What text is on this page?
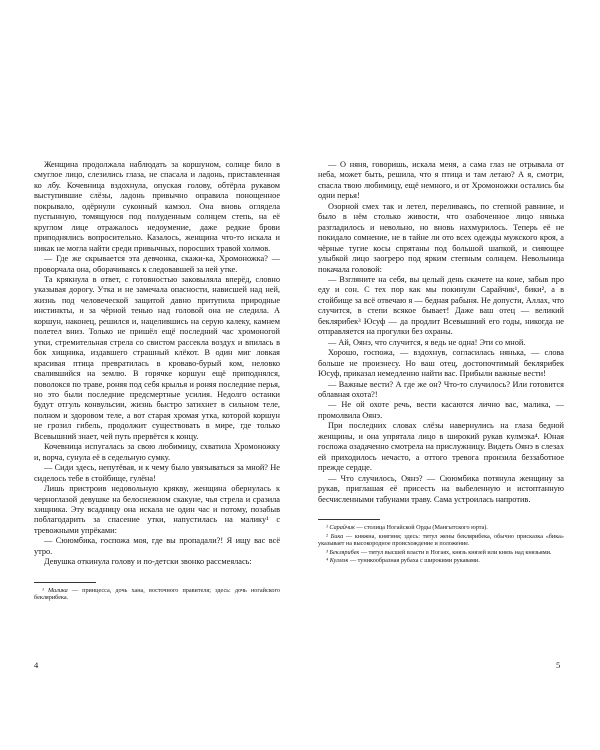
Женщина продолжала наблюдать за коршуном, солнце било в смуглое лицо, слезились глаза, не спасала и ладонь, приставленная ко лбу. Кочевница вздохнула, опуская голову, обтёрла рукавом выступившие слёзы, ладонь привычно оправила понощенное покрывало, одёрнули суконный камзол. Она вновь оглядела пустынную, томящуюся под полуденным солнцем степь, на её круглом лице отражалось недоумение, даже редкие брови приподнялись вопросительно. Казалось, женщина что-то искала и никак не могла найти среди привычных, поросших травой холмов.

— Где же скрывается эта девчонка, скажи-ка, Хромоножка? — проворчала она, оборачиваясь к следовавшей за ней утке.

Та крякнула в ответ, с готовностью заковыляла вперёд, словно указывая дорогу. Утка и не замечала опасности, нависшей над ней, жизнь под человеческой защитой давно притупила природные инстинкты, и за чёрной тенью над головой она не следила. А коршун, наконец, решился и, нацелившись на серую калеку, камнем полетел вниз. Только не пришёл ещё последний час хромоногой утки, стремительная стрела со свистом рассекла воздух и впилась в бок хищника, издавшего страшный клёкот. В один миг ловкая красивая птица превратилась в кроваво-бурый ком, неловко свалившийся на землю. В горячке коршун ещё приподнялся, поволокся по траве, роняя под себя крылья и роняя последние перья, но это были последние предсмертные усилия. Недолго останки будут отгуль конвульсии, жизнь быстро затихнет в сильном теле, полном и здоровом теле, а вот старая хромая утка, которой коршун не грозил гибель, продолжит существовать в мире, где только Всевышний знает, чей путь прервётся к концу.

Кочевница испугалась за свою любимицу, схватила Хромоножку и, ворча, сунула её в седельную сумку.

— Сиди здесь, непутёвая, и к чему было увязываться за мной? Не сиделось тебе в стойбище, гулёна!

Лишь пристроив недовольную крякву, женщина обернулась к черноглазой девушке на белоснежном скакуне, чья стрела и сразила хищника. Эту всадницу она искала не один час и потому, позабыв поблагодарить за спасение утки, напустилась на малику¹ с тревожными упрёками:

— Сююмбика, госпожа моя, где вы пропадали?! Я ищу вас всё утро.

Девушка откинула голову и по-детски звонко рассмеялась:

¹ Малика — принцесса, дочь хана, восточного правителя; здесь: дочь ногайского беклярибека.

4

— О няня, говоришь, искала меня, а сама глаз не отрывала от неба, может быть, решила, что я птица и там летаю? А я, смотри, спасла твою любимицу, ещё немного, и от Хромоножки остались бы одни перья!

Озорной смех так и летел, переливаясь, по степной равнине, и было в нём столько живости, что озабоченное лицо нянька разгладилось и невольно, но вновь нахмурилось. Теперь её не покидало сомнение, не в тайне ли ото всех одежды мужского кроя, а чёрные тугие косы спрятаны под большой шапкой, и сияющее улыбкой лицо заогреро под ярким степным солнцем. Невольница покачала головой:

— Взгляните на себя, вы целый день скачете на коне, забыв про еду и сон. С тех пор как мы покинули Сарайчик¹, бики², а в стойбище за всё отвечаю я — бедная рабыня. Не допусти, Аллах, что случится, в степи всякое бывает! Даже ваш отец — великий беклярибек³ Юсуф — да продлит Всевышний его годы, никогда не отправляется на прогулки без охраны.

— Ай, Оянэ, что случится, я ведь не одна! Эти со мной.

Хорошо, госпожа, — вздохнув, согласилась нянька, — слова больше не произнесу. Но ваш отец, достопочтимый беклярибек Юсуф, приказал немедленно найти вас. Прибыли важные вести!

— Важные вести? А где же он? Что-то случилось? Или готовится облавная охота?!

— Не ой охоте речь, вести касаются лично вас, малика, — промолвила Оянэ.

При последних словах слёзы навернулись на глаза бедной женщины, и она упрятала лицо в широкий рукав кулмэка⁴. Юная госпожа озадаченно смотрела на прислужницу. Видеть Оянэ в слезах ей приходилось нечасто, а оттого тревога пронзила беззаботное прежде сердце.

— Что случилось, Оянэ? — Сююмбика потянула женщину за рукав, приглашая её присесть на выбеленную и истоптанную бесчисленными табунами траву. Сама устроилась напротив.

¹ Сарайчик — столица Ногайской Орды (Мангытского юрта).

² Бика — княжна, княгиня; здесь: титул жены беклярибека, обычно присказка «бика» указывает на высокородное происхождение и положение.

³ Беклярибек — титул высшей власти в Ногаях, князь князей или князь над князьями.

⁴ Кулмэк — туникообразная рубаха с широкими рукавами.

5
